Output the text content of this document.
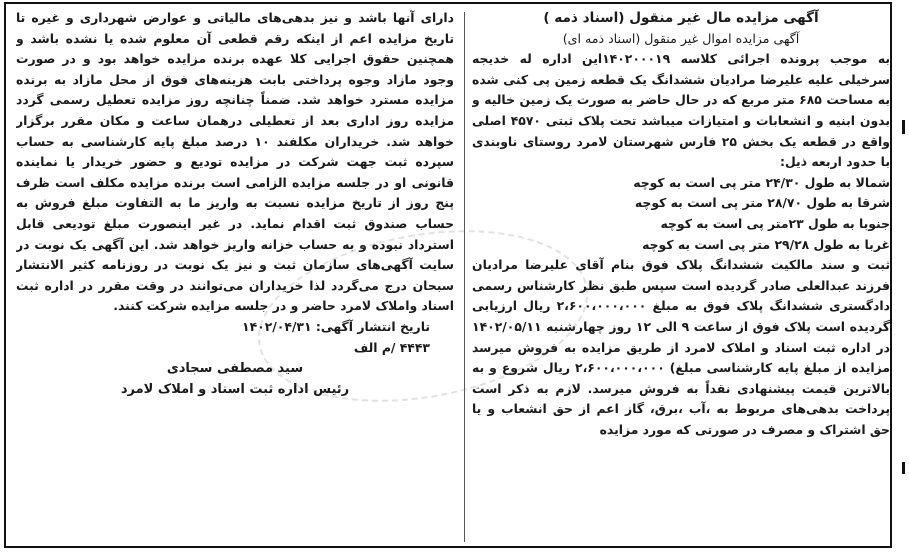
آگهی مزایده مال غیر منقول (اسناد ذمه )

آگهی مزایده اموال غیر منقول (اسناد ذمه ای)

به موجب پرونده اجرائی کلاسه ۱۴۰۲۰۰۰۱۹این اداره له خدیجه سرخیلی علیه علیرضا مرادیان ششدانگ یک قطعه زمین پی کنی شده به مساحت ۶۸۵ متر مربع که در حال حاضر به صورت یک زمین خالیه و بدون ابنیه و انشعابات و امتیازات میباشد تحت پلاک ثبتی ۴۵۷۰ اصلی واقع در قطعه یک بخش ۲۵ فارس شهرستان لامرد روستای ناوبندی با حدود اربعه ذیل:

شمالا به طول ۲۴/۳۰ متر پی است به کوچه
شرقا به طول ۲۸/۷۰ متر پی است به کوچه
جنوبا به طول ۲۳متر پی است به کوچه
غربا به طول ۲۹/۲۸ متر پی است به کوچه

ثبت و سند مالکیت ششدانگ پلاک فوق بنام آقای علیرضا مرادیان فرزند عبدالعلی صادر گردیده است سپس طبق نظر کارشناس رسمی دادگستری ششدانگ پلاک فوق به مبلغ ۲،۶۰۰،۰۰۰،۰۰۰ ریال ارزیابی گردیده است پلاک فوق از ساعت ۹ الی ۱۲ روز چهارشنبه ۱۴۰۲/۰۵/۱۱ در اداره ثبت اسناد و املاک لامرد از طریق مزایده به فروش میرسد مزایده از مبلغ پایه کارشناسی مبلغ) ۲،۶۰۰،۰۰۰،۰۰۰ ریال شروع و به بالاترین قیمت پیشنهادی نقداً به فروش میرسد. لازم به ذکر است پرداخت بدهی‌های مربوط به ،آب ،برق، گاز اعم از حق انشعاب و یا حق اشتراک و مصرف در صورتی که مورد مزایده

دارای آنها باشد و نیز بدهی‌های مالیاتی و عوارض شهرداری و غیره تا تاریخ مزایده اعم از اینکه رقم قطعی آن معلوم شده یا نشده باشد و همچنین حقوق اجرایی کلا عهده برنده مزایده خواهد بود و در صورت وجود مازاد وجوه پرداختی بابت هزینه‌های فوق از محل مازاد به برنده مزایده مسترد خواهد شد. ضمناً چنانچه روز مزایده تعطیل رسمی گردد مزایده روز اداری بعد از تعطیلی درهمان ساعت و مکان مقرر برگزار خواهد شد. خریداران مکلفند ۱۰ درصد مبلغ پایه کارشناسی به حساب سپرده ثبت جهت شرکت در مزایده تودیع و حضور خریدار یا نماینده قانونی او در جلسه مزایده الزامی است برنده مزایده مکلف است ظرف پنج روز از تاریخ مزایده نسبت به واریز ما به التفاوت مبلغ فروش به حساب صندوق ثبت اقدام نماید. در غیر اینصورت مبلغ تودیعی قابل استرداد نبوده و به حساب خزانه واریز خواهد شد. این آگهی یک نوبت در سایت آگهی‌های سازمان ثبت و نیز یک نوبت در روزنامه کثیر الانتشار سبحان درج می‌گردد لذا خریداران می‌توانند در وقت مقرر در اداره ثبت اسناد واملاک لامرد حاضر و در جلسه مزایده شرکت کنند.

تاریخ انتشار آگهی: ۱۴۰۲/۰۴/۳۱

۴۴۴۳ /م الف

سید مصطفی سجادی

رئیس اداره ثبت اسناد و املاک لامرد
